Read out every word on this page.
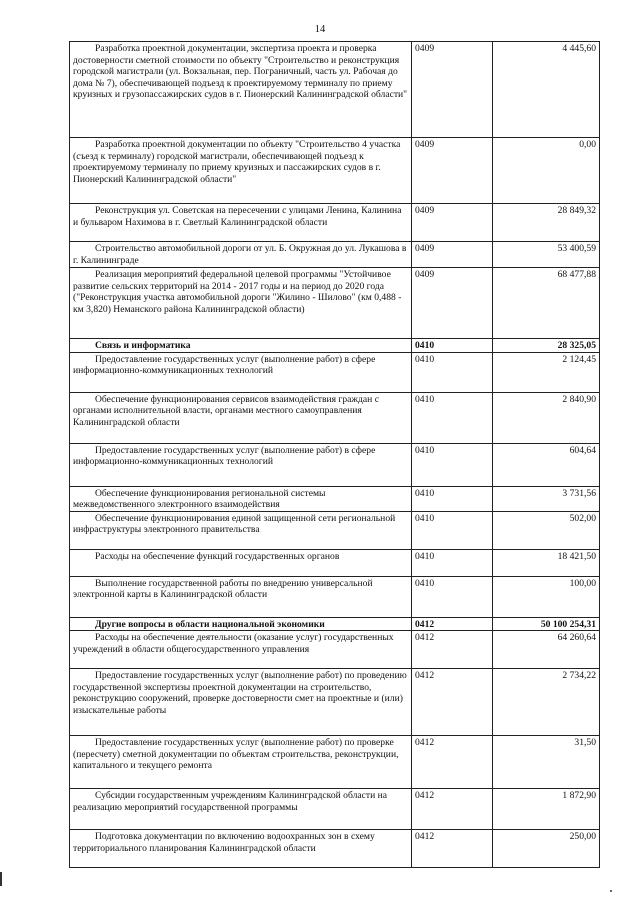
14
Разработка проектной документации, экспертиза проекта и проверка достоверности сметной стоимости по объекту "Строительство и реконструкция городской магистрали (ул. Вокзальная, пер. Пограничный, часть ул. Рабочая до дома № 7), обеспечивающей подъезд к проектируемому терминалу по приему круизных и грузопассажирских судов в г. Пионерский Калининградской области"	0409	4 445,60

Разработка проектной документации по объекту "Строительство 4 участка (съезд к терминалу) городской магистрали, обеспечивающей подъезд к проектируемому терминалу по приему круизных и пассажирских судов в г. Пионерский Калининградской области"	0409	0,00

Реконструкция ул. Советская на пересечении с улицами Ленина, Калинина и бульваром Нахимова в г. Светлый Калининградской области	0409	28 849,32

Строительство автомобильной дороги от ул. Б. Окружная до ул. Лукашова в г. Калининграде	0409	53 400,59

Реализация мероприятий федеральной целевой программы "Устойчивое развитие сельских территорий на 2014 - 2017 годы и на период до 2020 года ("Реконструкция участка автомобильной дороги "Жилино - Шилово" (км 0,488 - км 3,820) Неманского района Калининградской области)	0409	68 477,88

Связь и информатика	0410	28 325,05

Предоставление государственных услуг (выполнение работ) в сфере информационно-коммуникационных технологий	0410	2 124,45

Обеспечение функционирования сервисов взаимодействия граждан с органами исполнительной власти, органами местного самоуправления Калининградской области	0410	2 840,90

Предоставление государственных услуг (выполнение работ) в сфере информационно-коммуникационных технологий	0410	604,64

Обеспечение функционирования региональной системы межведомственного электронного взаимодействия	0410	3 731,56

Обеспечение функционирования единой защищенной сети региональной инфраструктуры электронного правительства	0410	502,00

Расходы на обеспечение функций государственных органов	0410	18 421,50

Выполнение государственной работы по внедрению универсальной электронной карты в Калининградской области	0410	100,00

Другие вопросы в области национальной экономики	0412	50 100 254,31

Расходы на обеспечение деятельности (оказание услуг) государственных учреждений в области общегосударственного управления	0412	64 260,64

Предоставление государственных услуг (выполнение работ) по проведению государственной экспертизы проектной документации на строительство, реконструкцию сооружений, проверке достоверности смет на проектные и (или) изыскательные работы	0412	2 734,22

Предоставление государственных услуг (выполнение работ) по проверке (пересчету) сметной документации по объектам строительства, реконструкции, капитального и текущего ремонта	0412	31,50

Субсидии государственным учреждениям Калининградской области на реализацию мероприятий государственной программы	0412	1 872,90

Подготовка документации по включению водоохранных зон в схему территориального планирования Калининградской области	0412	250,00
